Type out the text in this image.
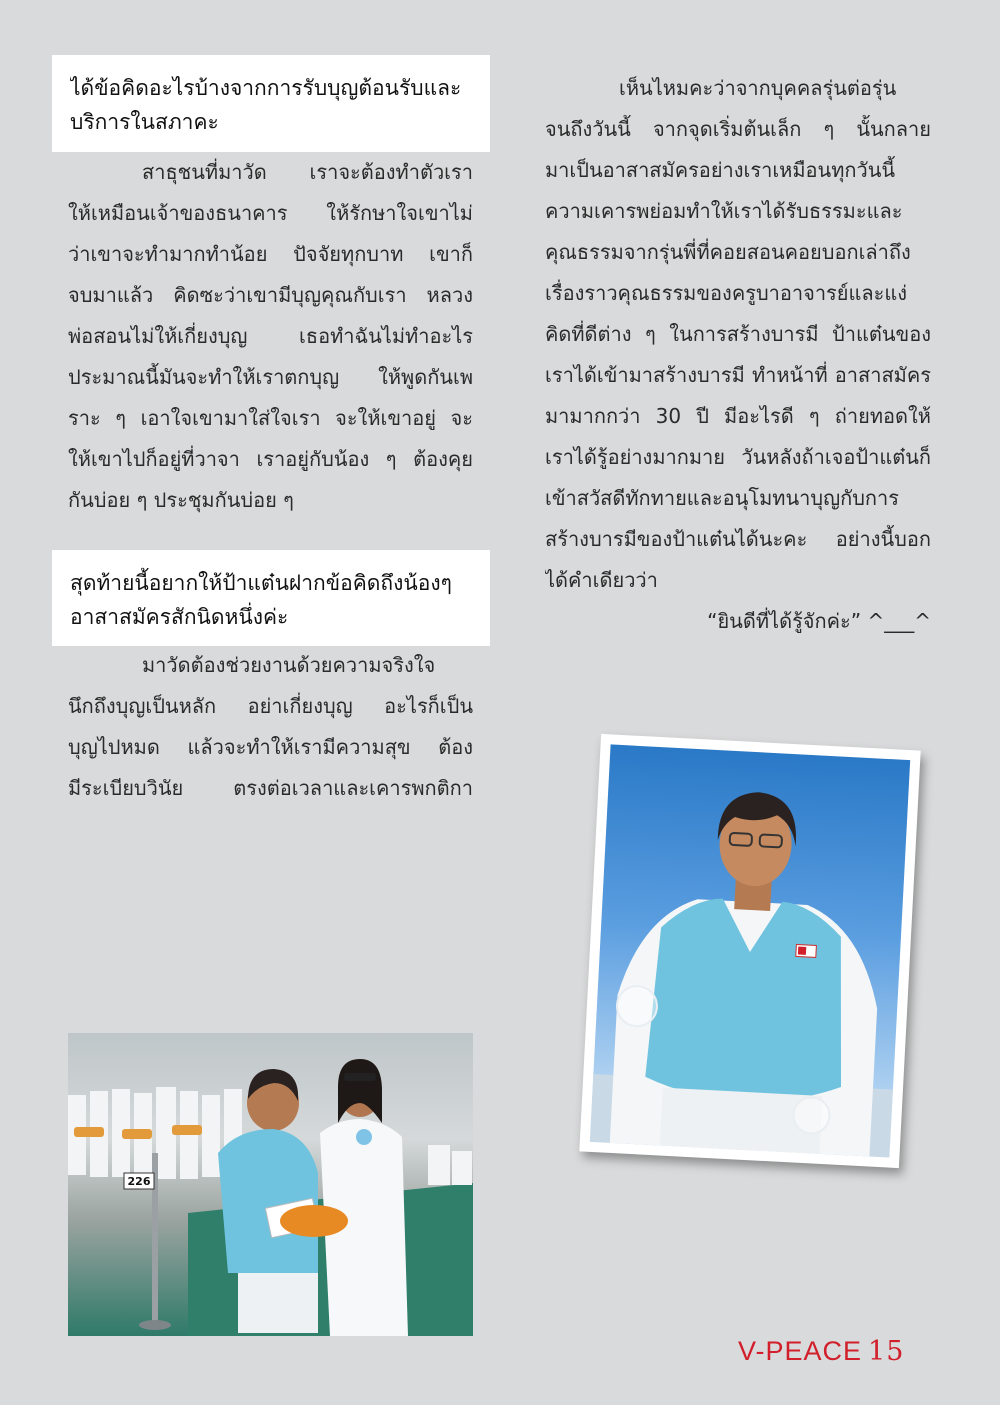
ได้ข้อคิดอะไรบ้างจากการรับบุญต้อนรับและ
บริการในสภาคะ
สาธุชนที่มาวัด เราจะต้องทำตัวเรา
ให้เหมือนเจ้าของธนาคาร ให้รักษาใจเขาไม่
ว่าเขาจะทำมากทำน้อย ปัจจัยทุกบาท เขาก็
จบมาแล้ว คิดซะว่าเขามีบุญคุณกับเรา หลวง
พ่อสอนไม่ให้เกี่ยงบุญ เธอทำฉันไม่ทำอะไร
ประมาณนี้มันจะทำให้เราตกบุญ ให้พูดกันเพ
ราะ ๆ เอาใจเขามาใส่ใจเรา จะให้เขาอยู่ จะ
ให้เขาไปก็อยู่ที่วาจา เราอยู่กับน้อง ๆ ต้องคุย
กันบ่อย ๆ ประชุมกันบ่อย ๆ
สุดท้ายนี้อยากให้ป้าแต๋นฝากข้อคิดถึงน้องๆ
อาสาสมัครสักนิดหนึ่งค่ะ
มาวัดต้องช่วยงานด้วยความจริงใจ
นึกถึงบุญเป็นหลัก อย่าเกี่ยงบุญ อะไรก็เป็น
บุญไปหมด แล้วจะทำให้เรามีความสุข ต้อง
มีระเบียบวินัย ตรงต่อเวลาและเคารพกติกา
เห็นไหมคะว่าจากบุคคลรุ่นต่อรุ่น
จนถึงวันนี้ จากจุดเริ่มต้นเล็ก ๆ นั้นกลาย
มาเป็นอาสาสมัครอย่างเราเหมือนทุกวันนี้
ความเคารพย่อมทำให้เราได้รับธรรมะและ
คุณธรรมจากรุ่นพี่ที่คอยสอนคอยบอกเล่าถึง
เรื่องราวคุณธรรมของครูบาอาจารย์และแง่
คิดที่ดีต่าง ๆ ในการสร้างบารมี ป้าแต๋นของ
เราได้เข้ามาสร้างบารมี ทำหน้าที่ อาสาสมัคร
มามากกว่า 30 ปี มีอะไรดี ๆ ถ่ายทอดให้
เราได้รู้อย่างมากมาย วันหลังถ้าเจอป้าแต๋นก็
เข้าสวัสดีทักทายและอนุโมทนาบุญกับการ
สร้างบารมีของป้าแต๋นได้นะคะ อย่างนี้บอก
ได้คำเดียวว่า
“ยินดีที่ได้รู้จักค่ะ” ^___^
226
V-PEACE 15
